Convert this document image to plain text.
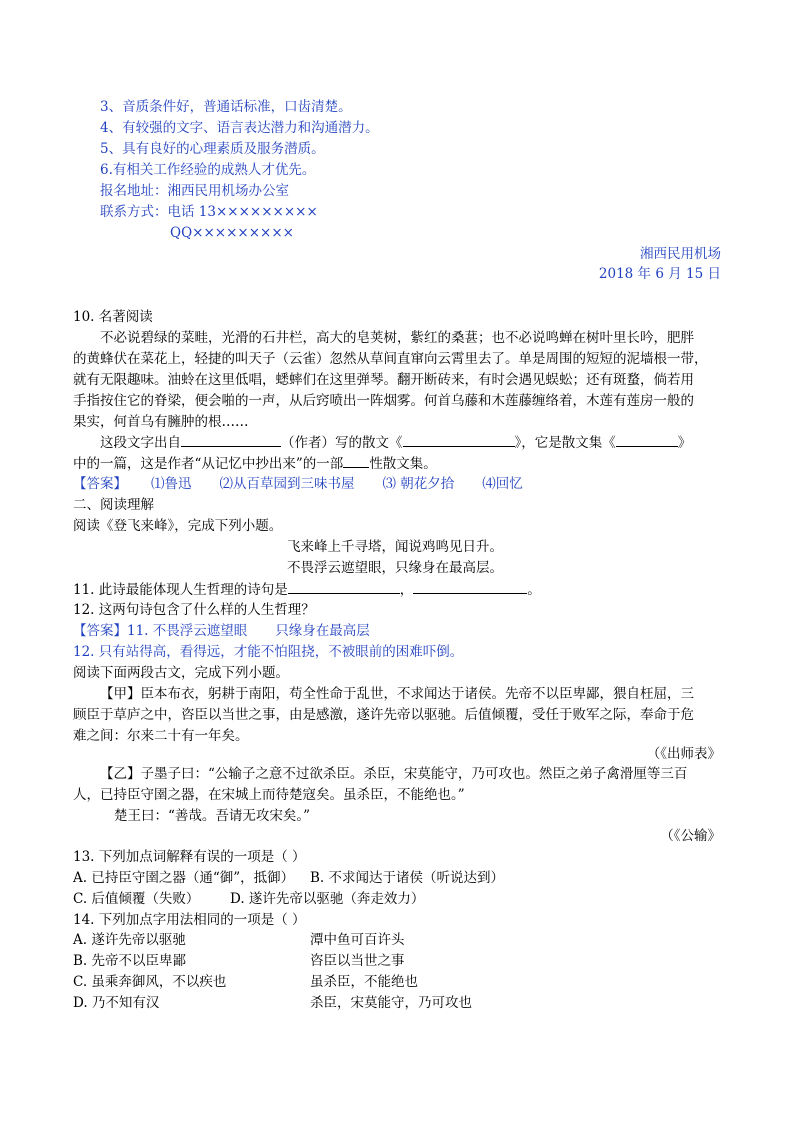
3、音质条件好，普通话标准，口齿清楚。
4、有较强的文字、语言表达潜力和沟通潜力。
5、具有良好的心理素质及服务潜质。
6.有相关工作经验的成熟人才优先。
报名地址：湘西民用机场办公室
联系方式：电话 13×××××××××
QQ×××××××××
湘西民用机场
2018 年 6 月 15 日
10. 名著阅读
不必说碧绿的菜畦，光滑的石井栏，高大的皂荚树，紫红的桑葚；也不必说鸣蝉在树叶里长吟，肥胖
的黄蜂伏在菜花上，轻捷的叫天子（云雀）忽然从草间直窜向云霄里去了。单是周围的短短的泥墙根一带，
就有无限趣味。油蛉在这里低唱，蟋蟀们在这里弹琴。翻开断砖来，有时会遇见蜈蚣；还有斑蝥，倘若用
手指按住它的脊梁，便会啪的一声，从后窍喷出一阵烟雾。何首乌藤和木莲藤缠络着，木莲有莲房一般的
果实，何首乌有臃肿的根……
这段文字出自	（作者）写的散文《	》，它是散文集《	》
中的一篇，这是作者“从记忆中抄出来”的一部 性散文集。
【答案】 ⑴鲁迅 ⑵从百草园到三味书屋 ⑶ 朝花夕拾 ⑷回忆
二、阅读理解
阅读《登飞来峰》，完成下列小题。
飞来峰上千寻塔，闻说鸡鸣见日升。
不畏浮云遮望眼，只缘身在最高层。
11. 此诗最能体现人生哲理的诗句是	，	。
12. 这两句诗包含了什么样的人生哲理？
【答案】11. 不畏浮云遮望眼 只缘身在最高层
12. 只有站得高，看得远，才能不怕阻挠，不被眼前的困难吓倒。
阅读下面两段古文，完成下列小题。
【甲】臣本布衣，躬耕于南阳，苟全性命于乱世，不求闻达于诸侯。先帝不以臣卑鄙，猥自枉屈，三
顾臣于草庐之中，咨臣以当世之事，由是感激，遂许先帝以驱驰。后值倾覆，受任于败军之际，奉命于危
难之间：尔来二十有一年矣。
（《出师表》
【乙】子墨子曰：“公输子之意不过欲杀臣。杀臣，宋莫能守，乃可攻也。然臣之弟子禽滑厘等三百
人，已持臣守圉之器，在宋城上而待楚寇矣。虽杀臣，不能绝也。”
楚王曰：“善哉。吾请无攻宋矣。”
（《公输》
13. 下列加点词解释有误的一项是（ ）
A. 已持臣守圉之器（通“御”，抵御） B. 不求闻达于诸侯（听说达到）
C. 后值倾覆（失败） D. 遂许先帝以驱驰（奔走效力）
14. 下列加点字用法相同的一项是（ ）
A. 遂许先帝以驱驰	潭中鱼可百许头
B. 先帝不以臣卑鄙	咨臣以当世之事
C. 虽乘奔御风，不以疾也	虽杀臣，不能绝也
D. 乃不知有汉	杀臣，宋莫能守，乃可攻也
